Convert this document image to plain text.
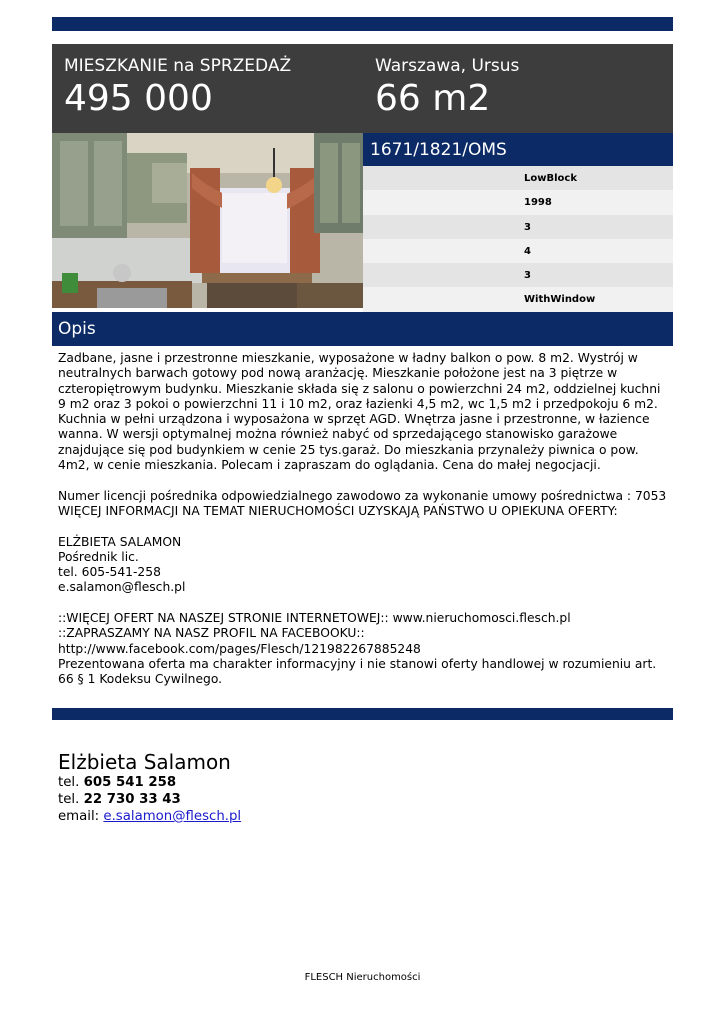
MIESZKANIE na SPRZEDAŻ
495 000
Warszawa, Ursus
66 m2
1671/1821/OMS
LowBlock
1998
3
4
3
WithWindow
Opis

Zadbane, jasne i przestronne mieszkanie, wyposażone w ładny balkon o pow. 8 m2. Wystrój w

neutralnych barwach gotowy pod nową aranżację. Mieszkanie położone jest na 3 piętrze w

czteropiętrowym budynku. Mieszkanie składa się z salonu o powierzchni 24 m2, oddzielnej kuchni

9 m2 oraz 3 pokoi o powierzchni 11 i 10 m2, oraz łazienki 4,5 m2, wc 1,5 m2 i przedpokoju 6 m2.

Kuchnia w pełni urządzona i wyposażona w sprzęt AGD. Wnętrza jasne i przestronne, w łazience

wanna. W wersji optymalnej można również nabyć od sprzedającego stanowisko garażowe

znajdujące się pod budynkiem w cenie 25 tys.garaż. Do mieszkania przynależy piwnica o pow.

4m2, w cenie mieszkania. Polecam i zapraszam do oglądania. Cena do małej negocjacji.

Numer licencji pośrednika odpowiedzialnego zawodowo za wykonanie umowy pośrednictwa : 7053

WIĘCEJ INFORMACJI NA TEMAT NIERUCHOMOŚCI UZYSKAJĄ PAŃSTWO U OPIEKUNA OFERTY:

ELŻBIETA SALAMON

Pośrednik lic.

tel. 605-541-258

e.salamon@flesch.pl

::WIĘCEJ OFERT NA NASZEJ STRONIE INTERNETOWEJ:: www.nieruchomosci.flesch.pl

::ZAPRASZAMY NA NASZ PROFIL NA FACEBOOKU::

http://www.facebook.com/pages/Flesch/121982267885248

Prezentowana oferta ma charakter informacyjny i nie stanowi oferty handlowej w rozumieniu art.

66 § 1 Kodeksu Cywilnego.

Elżbieta Salamon
tel. 605 541 258
tel. 22 730 33 43
email: e.salamon@flesch.pl
FLESCH Nieruchomości
